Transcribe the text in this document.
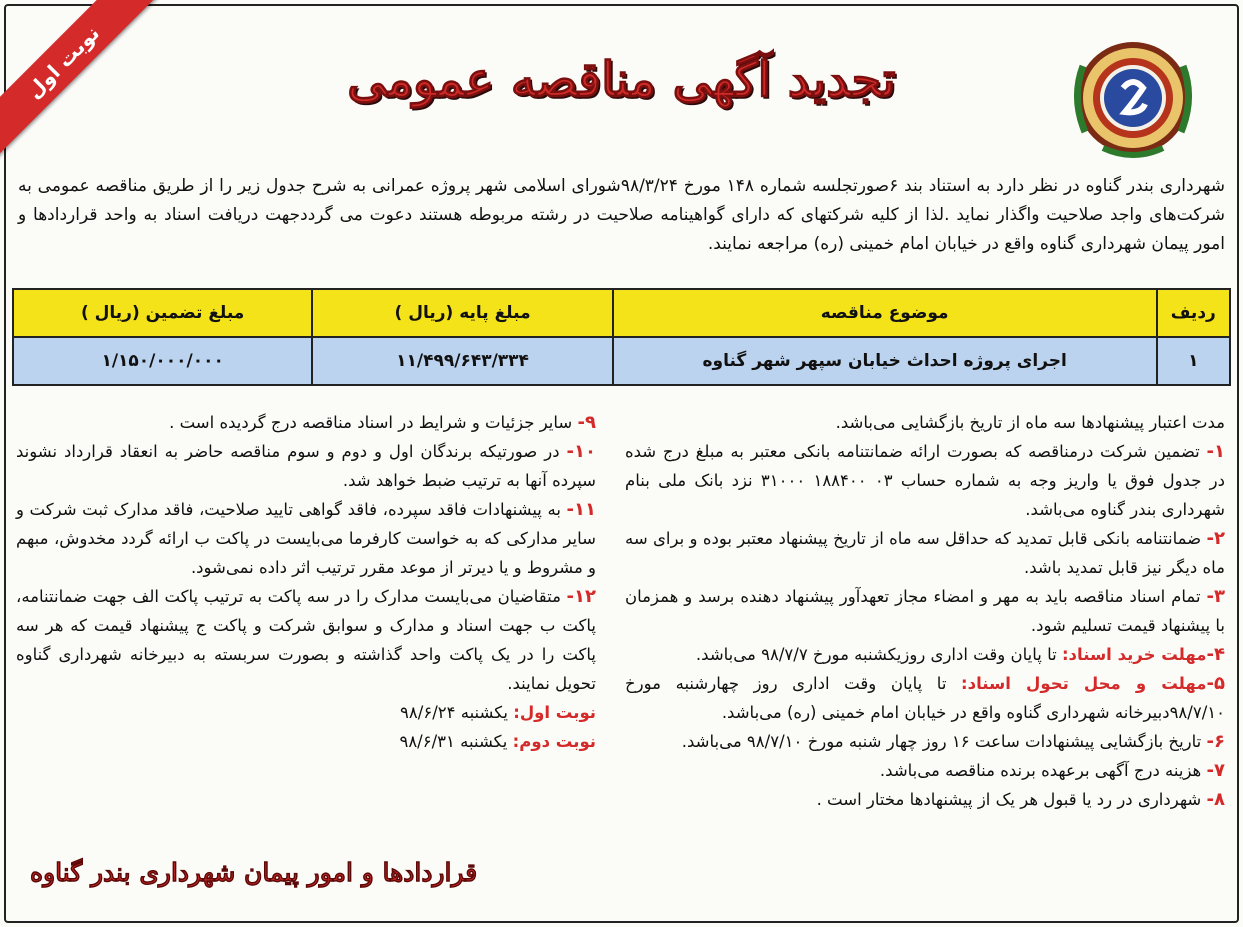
نوبت اول	تجدید آگهی مناقصه عمومی

شهرداری بندر گناوه در نظر دارد به استناد بند ۶صورتجلسه شماره ۱۴۸ مورخ ۹۸/۳/۲۴شورای اسلامی شهر پروژه عمرانی به شرح جدول زیر را از طریق مناقصه عمومی به شرکت‌های واجد صلاحیت واگذار نماید .لذا از کلیه شرکتهای که دارای گواهینامه صلاحیت در رشته مربوطه هستند دعوت می گرددجهت دریافت اسناد به واحد قراردادها و امور پیمان شهرداری گناوه واقع در خیابان امام خمینی (ره) مراجعه نمایند.

ردیف	موضوع مناقصه	مبلغ پایه (ریال )	مبلغ تضمین (ریال )
۱	اجرای پروژه احداث خیابان سپهر شهر گناوه	۱۱/۴۹۹/۶۴۳/۳۳۴	۱/۱۵۰/۰۰۰/۰۰۰

مدت اعتبار پیشنهادها سه ماه از تاریخ بازگشایی می‌باشد.

۱- تضمین شرکت درمناقصه که بصورت ارائه ضمانتنامه بانکی معتبر به مبلغ درج شده در جدول فوق یا واریز وجه به شماره حساب ۰۳ ۱۸۸۴۰۰ ۳۱۰۰۰ نزد بانک ملی بنام شهرداری بندر گناوه می‌باشد.

۲- ضمانتنامه بانکی قابل تمدید که حداقل سه ماه از تاریخ پیشنهاد معتبر بوده و برای سه ماه دیگر نیز قابل تمدید باشد.

۳- تمام اسناد مناقصه باید به مهر و امضاء مجاز تعهدآور پیشنهاد دهنده برسد و همزمان با پیشنهاد قیمت تسلیم شود.

۴-مهلت خرید اسناد: تا پایان وقت اداری روزیکشنبه مورخ ۹۸/۷/۷ می‌باشد.

۵-مهلت و محل تحول اسناد: تا پایان وقت اداری روز چهارشنبه مورخ ۹۸/۷/۱۰دبیرخانه شهرداری گناوه واقع در خیابان امام خمینی (ره) می‌باشد.

۶- تاریخ بازگشایی پیشنهادات ساعت ۱۶ روز چهار شنبه مورخ ۹۸/۷/۱۰ می‌باشد.

۷- هزینه درج آگهی برعهده برنده مناقصه می‌باشد.

۸- شهرداری در رد یا قبول هر یک از پیشنهادها مختار است .

۹- سایر جزئیات و شرایط در اسناد مناقصه درج گردیده است .

۱۰- در صورتیکه برندگان اول و دوم و سوم مناقصه حاضر به انعقاد قرارداد نشوند سپرده آنها به ترتیب ضبط خواهد شد.

۱۱- به پیشنهادات فاقد سپرده، فاقد گواهی تایید صلاحیت، فاقد مدارک ثبت شرکت و سایر مدارکی که به خواست کارفرما می‌بایست در پاکت ب ارائه گردد مخدوش، مبهم و مشروط و یا دیرتر از موعد مقرر ترتیب اثر داده نمی‌شود.

۱۲- متقاضیان می‌بایست مدارک را در سه پاکت به ترتیب پاکت الف جهت ضمانتنامه، پاکت ب جهت اسناد و مدارک و سوابق شرکت و پاکت ج پیشنهاد قیمت که هر سه پاکت را در یک پاکت واحد گذاشته و بصورت سربسته به دبیرخانه شهرداری گناوه تحویل نمایند.

نوبت اول: یکشنبه ۹۸/۶/۲۴

نوبت دوم: یکشنبه ۹۸/۶/۳۱

قراردادها و امور پیمان شهرداری بندر گناوه
